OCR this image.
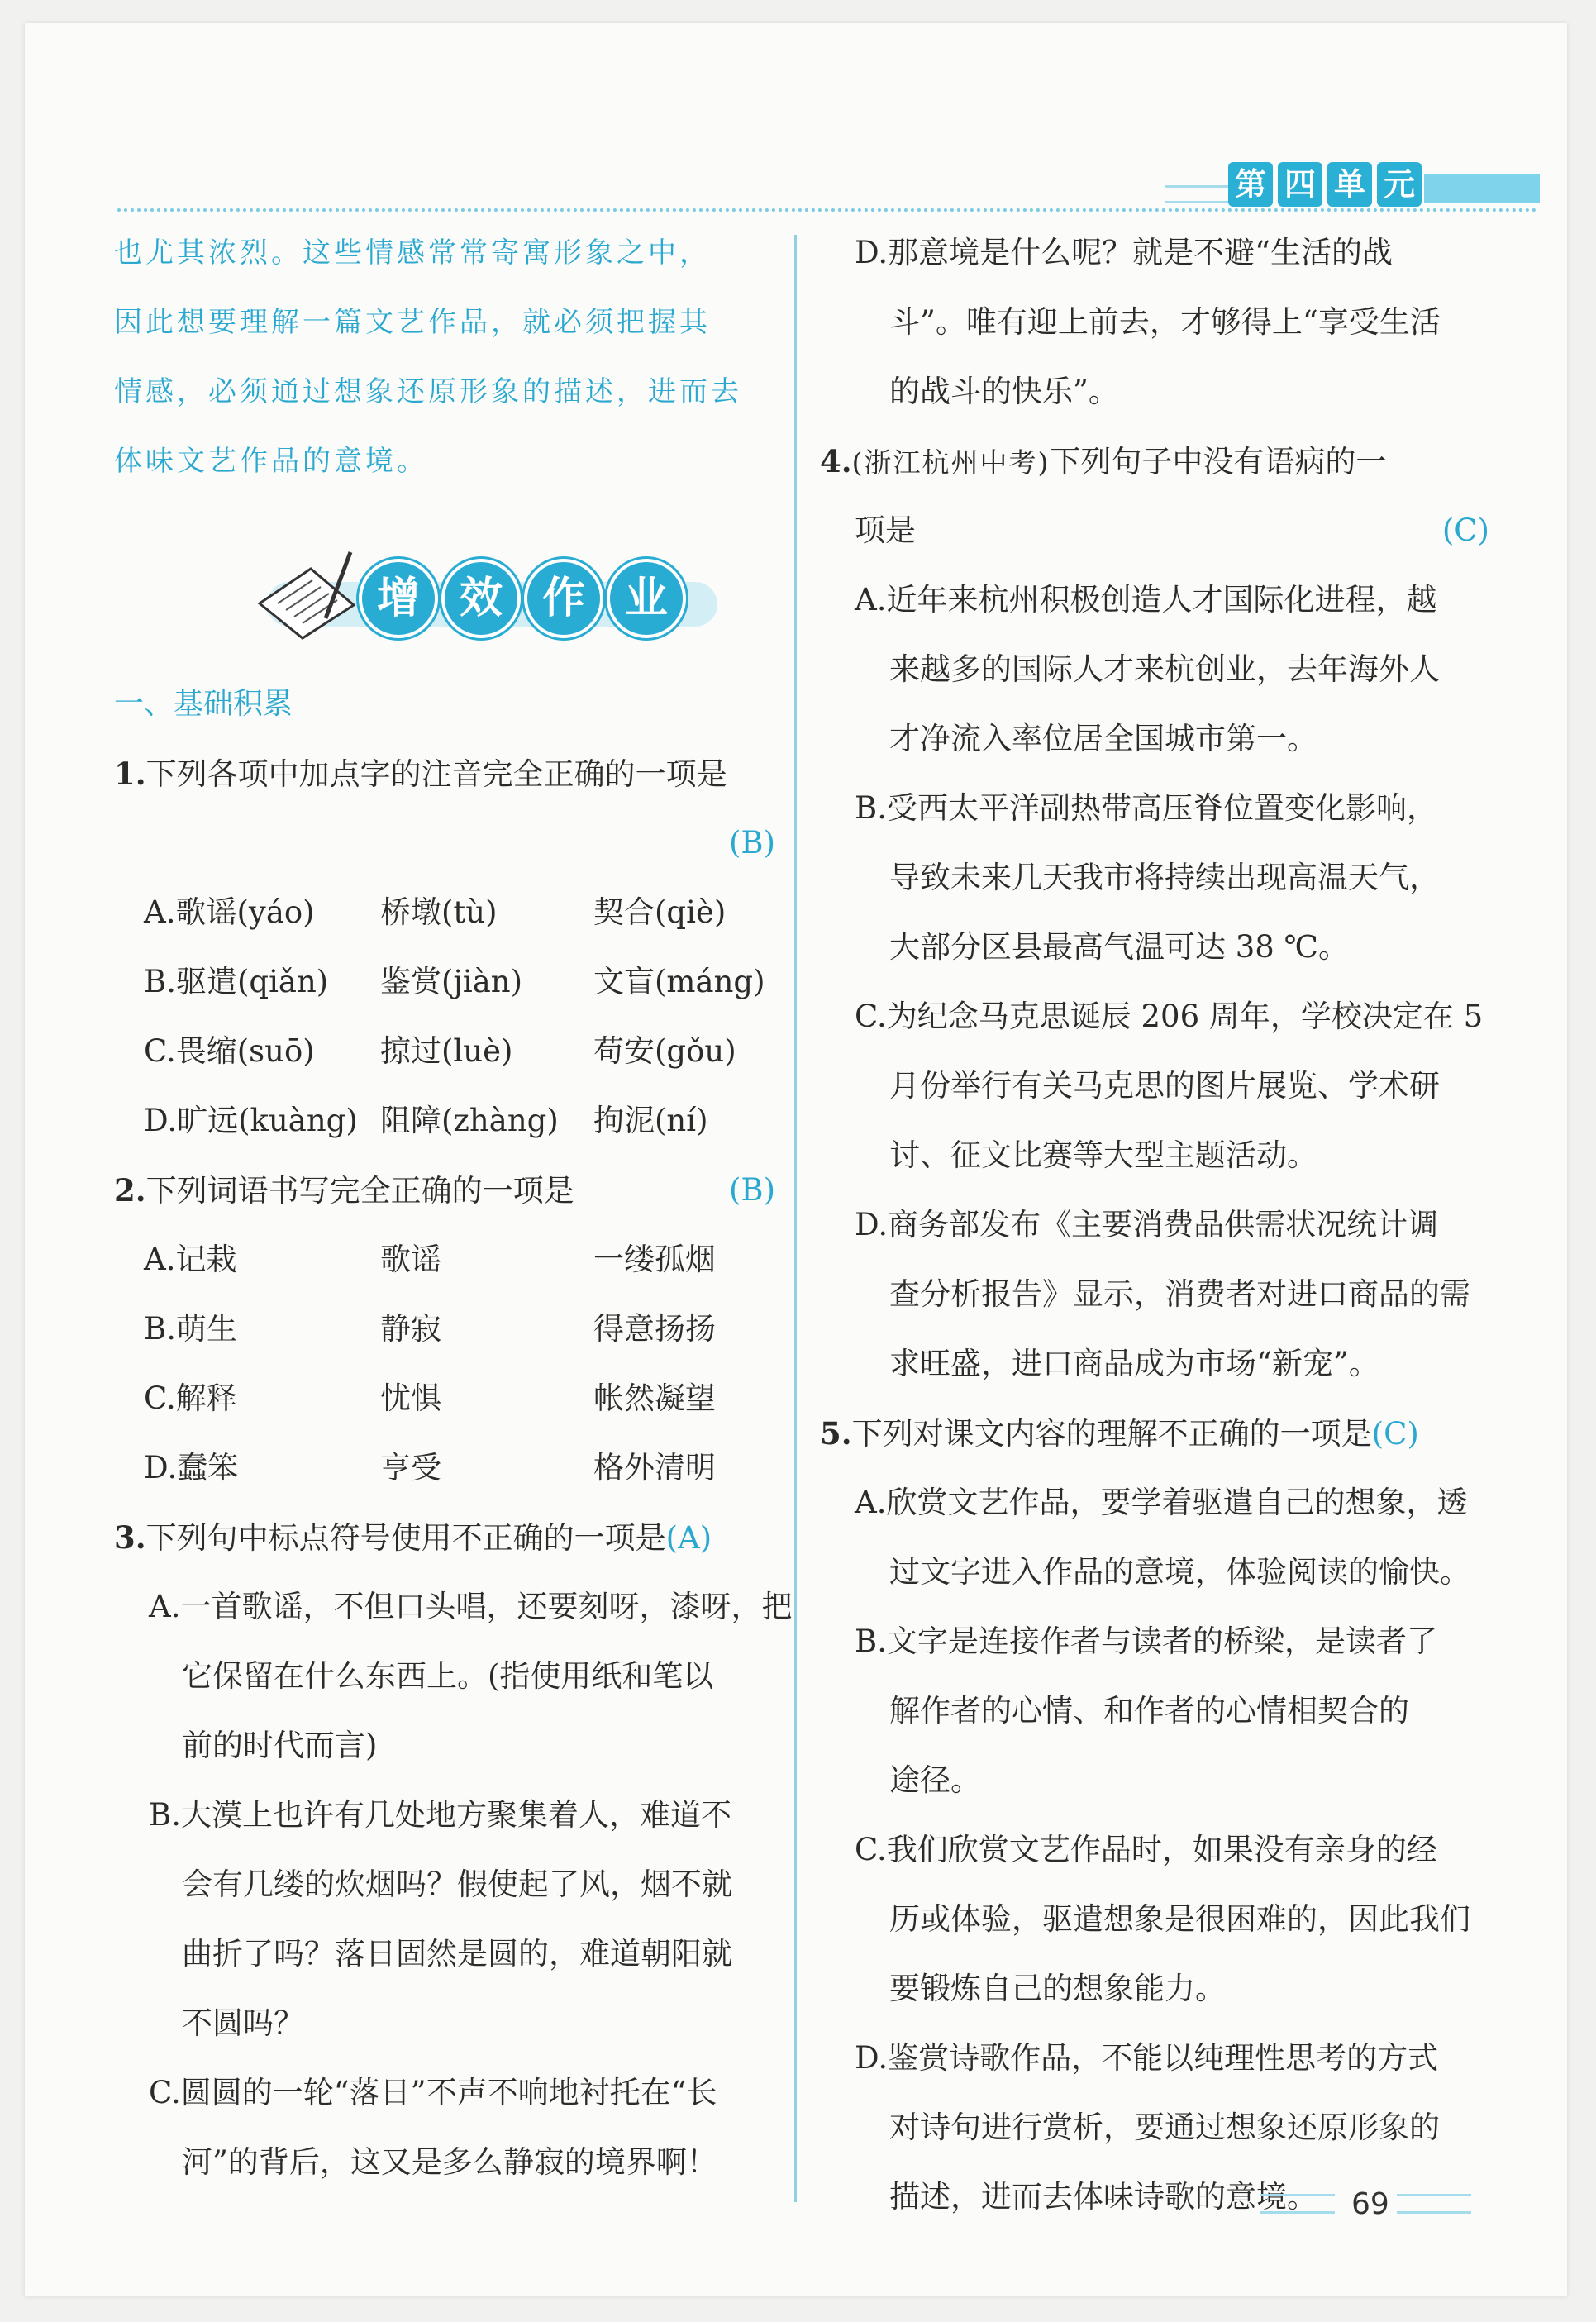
第 四 单 元
也尤其浓烈。这些情感常常寄寓形象之中，
因此想要理解一篇文艺作品，就必须把握其
情感，必须通过想象还原形象的描述，进而去
体味文艺作品的意境。
增 效 作 业
一、基础积累
1.下列各项中加点字的注音完全正确的一项是
(B)
A.歌谣(yáo) 桥墩(tù)	契合(qiè)
B.驱遣(qiǎn) 鉴赏(jiàn) 文盲(máng)
C.畏缩(suō) 掠过(luè)	苟安(gǒu)
D.旷远(kuàng) 阻障(zhàng) 拘泥(ní)
2.下列词语书写完全正确的一项是	(B)
A.记栽	歌谣	一缕孤烟
B.萌生	静寂	得意扬扬
C.解释	忧惧	帐然凝望
D.蠢笨	亨受	格外清明
3.下列句中标点符号使用不正确的一项是(A)
A.一首歌谣，不但口头唱，还要刻呀，漆呀，把
它保留在什么东西上。(指使用纸和笔以
前的时代而言)
B.大漠上也许有几处地方聚集着人，难道不
会有几缕的炊烟吗？假使起了风，烟不就
曲折了吗？落日固然是圆的，难道朝阳就
不圆吗？
C.圆圆的一轮“落日”不声不响地衬托在“长
河”的背后，这又是多么静寂的境界啊！
D.那意境是什么呢？就是不避“生活的战
斗”。唯有迎上前去，才够得上“享受生活
的战斗的快乐”。
4.(浙江杭州中考)下列句子中没有语病的一
项是	(C)
A.近年来杭州积极创造人才国际化进程，越
来越多的国际人才来杭创业，去年海外人
才净流入率位居全国城市第一。
B.受西太平洋副热带高压脊位置变化影响，
导致未来几天我市将持续出现高温天气，
大部分区县最高气温可达 38 ℃。
C.为纪念马克思诞辰 206 周年，学校决定在 5
月份举行有关马克思的图片展览、学术研
讨、征文比赛等大型主题活动。
D.商务部发布《主要消费品供需状况统计调
查分析报告》显示，消费者对进口商品的需
求旺盛，进口商品成为市场“新宠”。
5.下列对课文内容的理解不正确的一项是(C)
A.欣赏文艺作品，要学着驱遣自己的想象，透
过文字进入作品的意境，体验阅读的愉快。
B.文字是连接作者与读者的桥梁，是读者了
解作者的心情、和作者的心情相契合的
途径。
C.我们欣赏文艺作品时，如果没有亲身的经
历或体验，驱遣想象是很困难的，因此我们
要锻炼自己的想象能力。
D.鉴赏诗歌作品，不能以纯理性思考的方式
对诗句进行赏析，要通过想象还原形象的
描述，进而去体味诗歌的意境。	69
